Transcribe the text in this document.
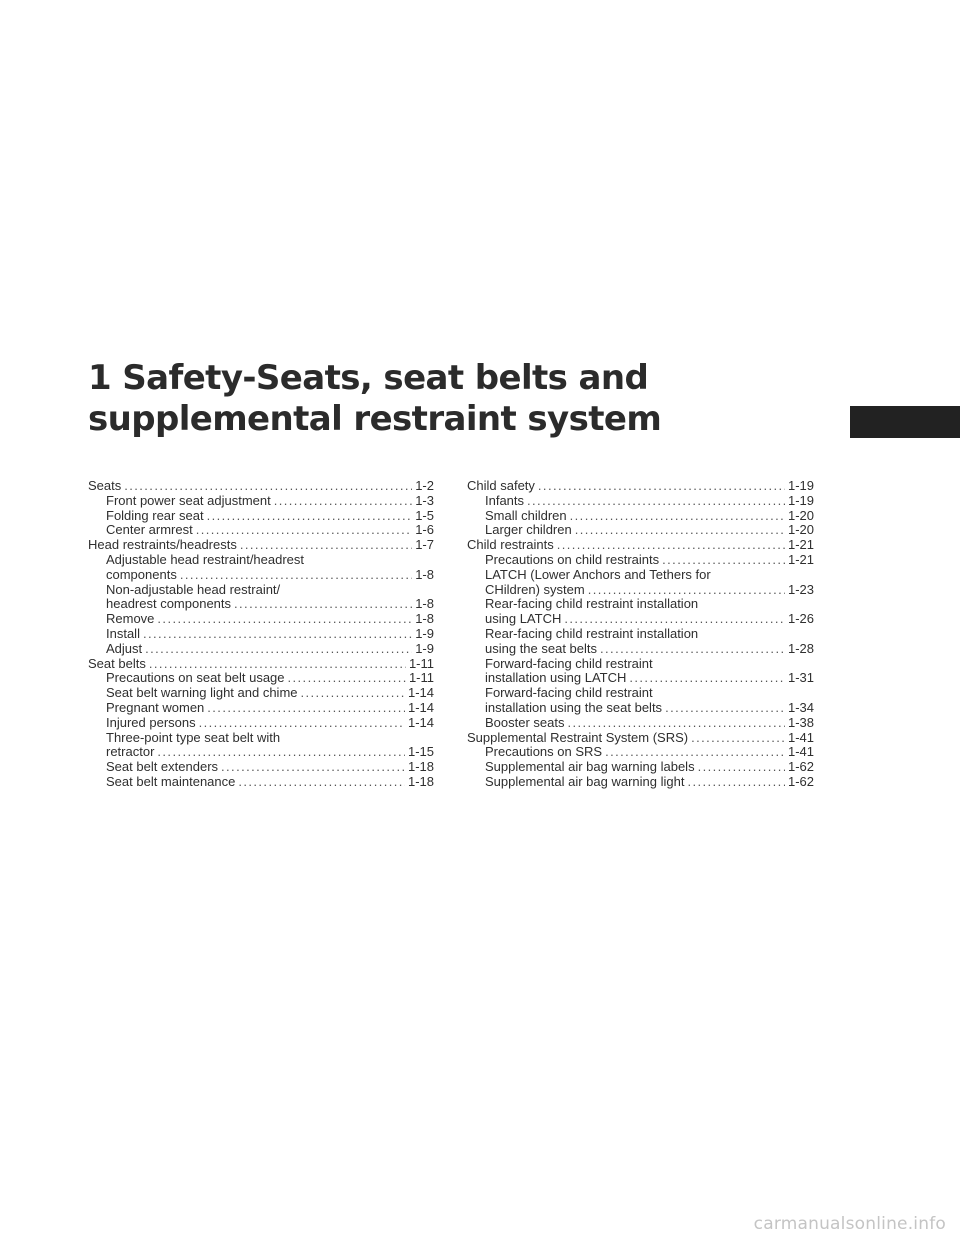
1 Safety-Seats, seat belts and
supplemental restraint system
Seats .....	1-2
Front power seat adjustment .....	1-3
Folding rear seat .....	1-5
Center armrest .....	1-6
Head restraints/headrests .....	1-7
Adjustable head restraint/headrest
components .....	1-8
Non-adjustable head restraint/
headrest components .....	1-8
Remove .....	1-8
Install .....	1-9
Adjust .....	1-9
Seat belts .....	1-11
Precautions on seat belt usage .....	1-11
Seat belt warning light and chime .....	1-14
Pregnant women .....	1-14
Injured persons .....	1-14
Three-point type seat belt with
retractor .....	1-15
Seat belt extenders .....	1-18
Seat belt maintenance .....	1-18
Child safety .....	1-19
Infants .....	1-19
Small children .....	1-20
Larger children .....	1-20
Child restraints .....	1-21
Precautions on child restraints .....	1-21
LATCH (Lower Anchors and Tethers for
CHildren) system .....	1-23
Rear-facing child restraint installation
using LATCH .....	1-26
Rear-facing child restraint installation
using the seat belts .....	1-28
Forward-facing child restraint
installation using LATCH .....	1-31
Forward-facing child restraint
installation using the seat belts .....	1-34
Booster seats .....	1-38
Supplemental Restraint System (SRS) .....	1-41
Precautions on SRS .....	1-41
Supplemental air bag warning labels .....	1-62
Supplemental air bag warning light .....	1-62
carmanualsonline.info
